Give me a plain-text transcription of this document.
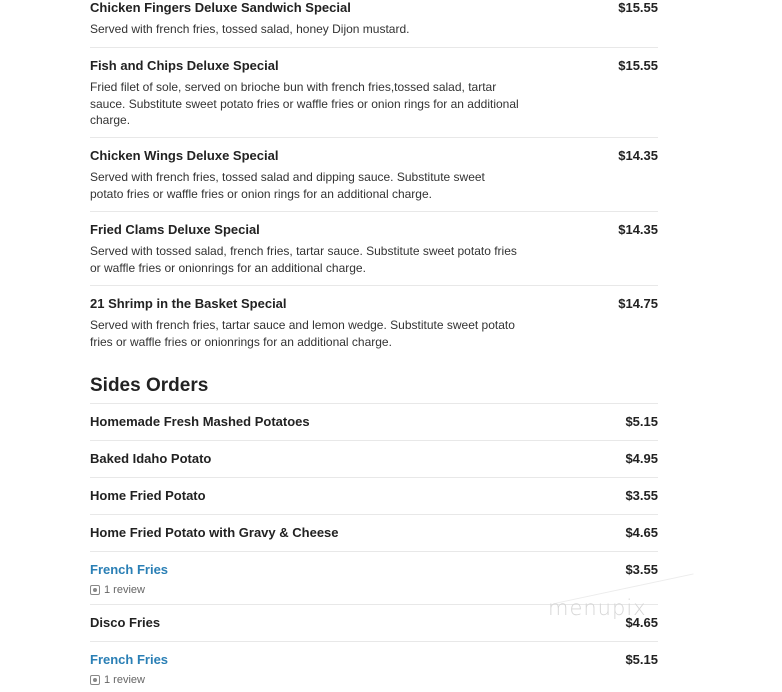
$15.55
Chicken Fingers Deluxe Sandwich Special
Served with french fries, tossed salad, honey Dijon mustard.
$15.55
Fish and Chips Deluxe Special
Fried filet of sole, served on brioche bun with french fries,tossed salad, tartar sauce. Substitute sweet potato fries or waffle fries or onion rings for an additional charge.
$14.35
Chicken Wings Deluxe Special
Served with french fries, tossed salad and dipping sauce. Substitute sweet potato fries or waffle fries or onion rings for an additional charge.
$14.35
Fried Clams Deluxe Special
Served with tossed salad, french fries, tartar sauce. Substitute sweet potato fries or waffle fries or onionrings for an additional charge.
$14.75
21 Shrimp in the Basket Special
Served with french fries, tartar sauce and lemon wedge. Substitute sweet potato fries or waffle fries or onionrings for an additional charge.
Sides Orders
$5.15
Homemade Fresh Mashed Potatoes
$4.95
Baked Idaho Potato
$3.55
Home Fried Potato
$4.65
Home Fried Potato with Gravy & Cheese
$3.55
French Fries
1 review
$4.65
Disco Fries
$5.15
French Fries
1 review
menupix
